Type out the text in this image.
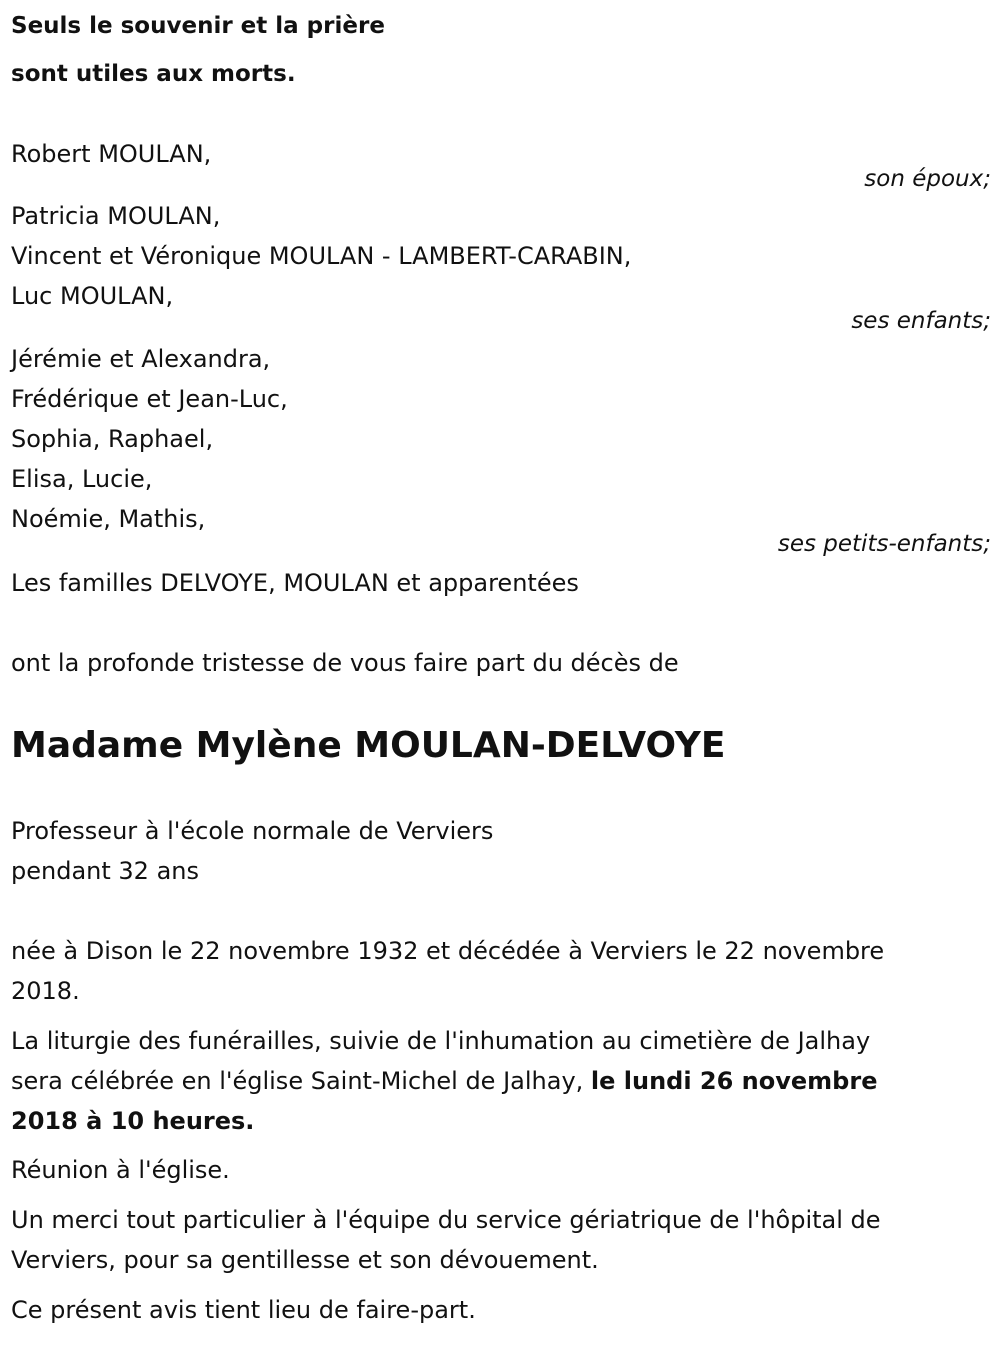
Seuls le souvenir et la prière
sont utiles aux morts.
Robert MOULAN,
son époux;
Patricia MOULAN,
Vincent et Véronique MOULAN - LAMBERT-CARABIN,
Luc MOULAN,
ses enfants;
Jérémie et Alexandra,
Frédérique et Jean-Luc,
Sophia, Raphael,
Elisa, Lucie,
Noémie, Mathis,
ses petits-enfants;
Les familles DELVOYE, MOULAN et apparentées
ont la profonde tristesse de vous faire part du décès de
Madame Mylène MOULAN-DELVOYE
Professeur à l'école normale de Verviers
pendant 32 ans
née à Dison le 22 novembre 1932 et décédée à Verviers le 22 novembre
2018.
La liturgie des funérailles, suivie de l'inhumation au cimetière de Jalhay
sera célébrée en l'église Saint-Michel de Jalhay, le lundi 26 novembre
2018 à 10 heures.
Réunion à l'église.
Un merci tout particulier à l'équipe du service gériatrique de l'hôpital de
Verviers, pour sa gentillesse et son dévouement.
Ce présent avis tient lieu de faire-part.
